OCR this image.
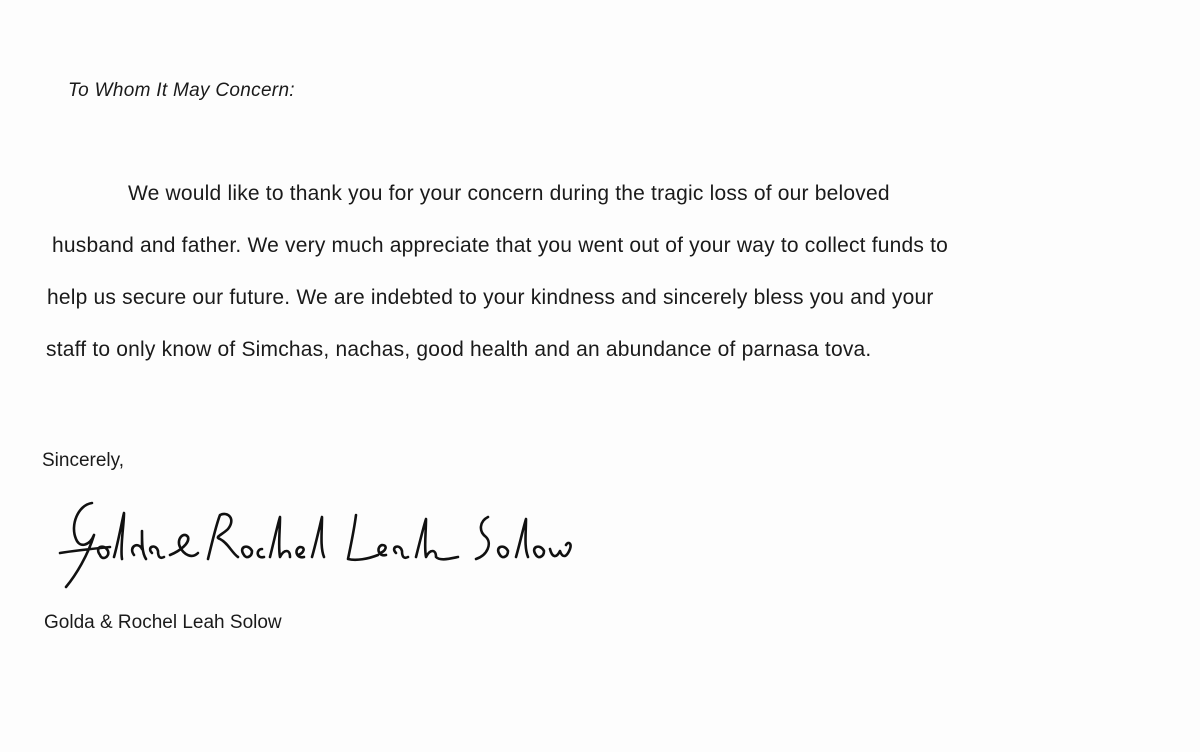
To Whom It May Concern:
We would like to thank you for your concern during the tragic loss of our beloved
husband and father. We very much appreciate that you went out of your way to collect funds to
help us secure our future. We are indebted to your kindness and sincerely bless you and your
staff to only know of Simchas, nachas, good health and an abundance of parnasa tova.
Sincerely,
Golda & Rochel Leah Solow
